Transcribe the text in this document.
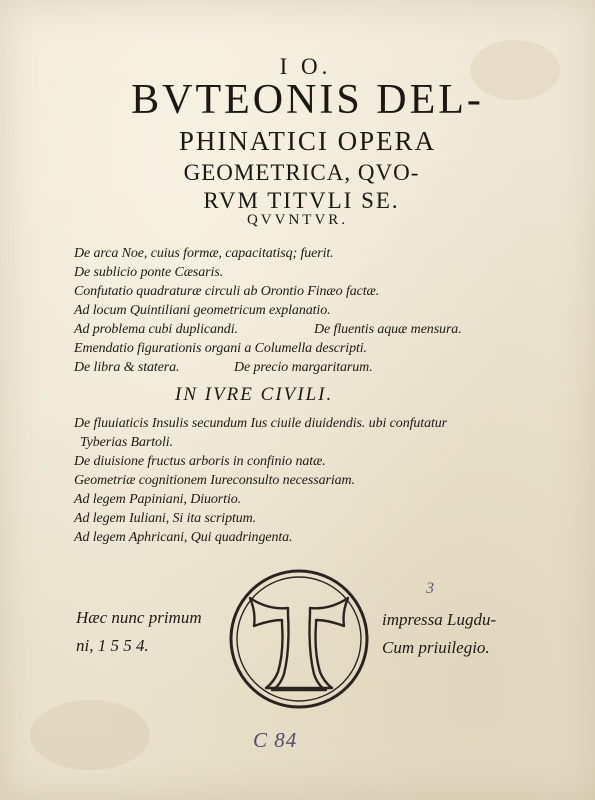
I O.
BVTEONIS DEL-
PHINATICI OPERA
GEOMETRICA, QVO-
RVM TITVLI SE.
QVVNTVR.
De arca Noe, cuius formæ, capacitatisq; fuerit.
De sublicio ponte Cæsaris.
Confutatio quadraturæ circuli ab Orontio Finæo factæ.
Ad locum Quintiliani geometricum explanatio.
Ad problema cubi duplicandi.	De fluentis aquæ mensura.
Emendatio figurationis organi a Columella descripti.
De libra & statera.	De precio margaritarum.
IN IVRE CIVILI.
De fluuiaticis Insulis secundum Ius ciuile diuidendis. ubi confutatur
Tyberias Bartoli.
De diuisione fructus arboris in confinio natæ.
Geometriæ cognitionem Iureconsulto necessariam.
Ad legem Papiniani, Diuortio.
Ad legem Iuliani, Si ita scriptum.
Ad legem Aphricani, Qui quadringenta.
Hæc nunc primum
ni, 1 5 5 4.
impressa Lugdu-
Cum priuilegio.
3
C 84
